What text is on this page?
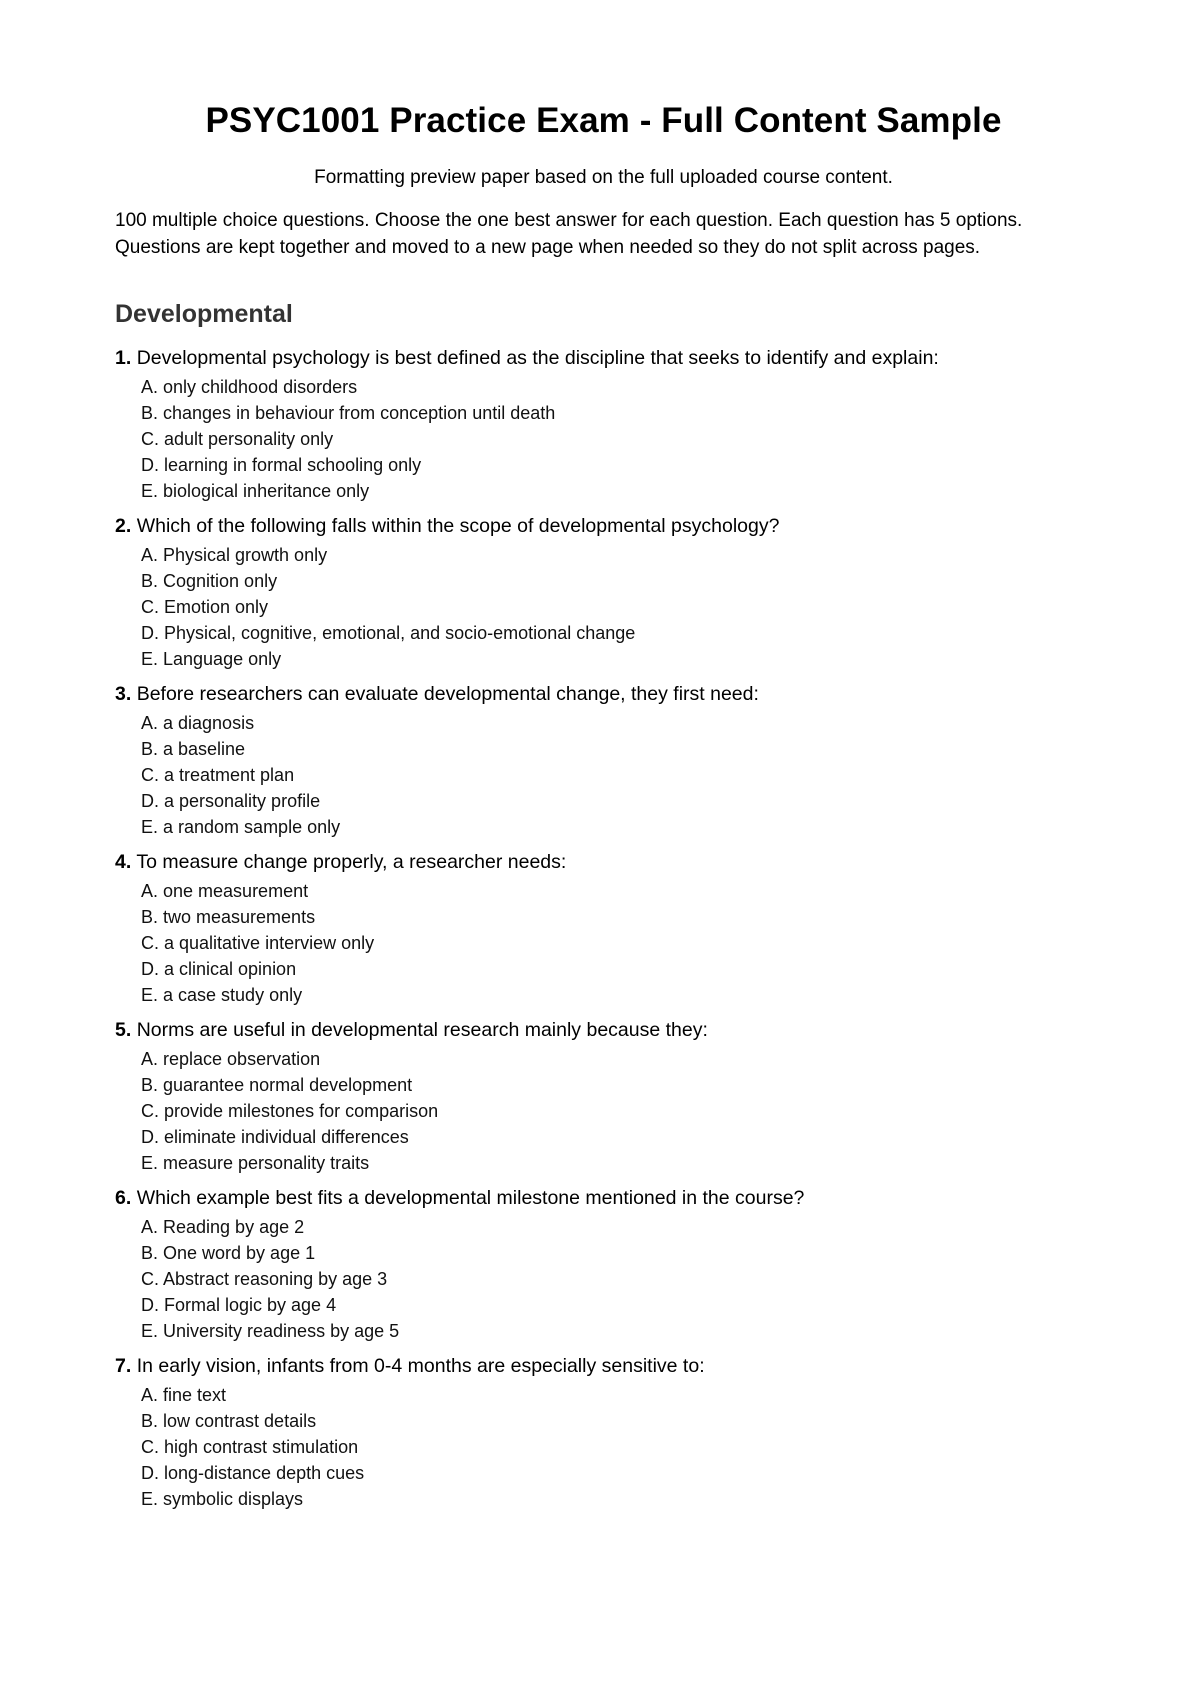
PSYC1001 Practice Exam - Full Content Sample

Formatting preview paper based on the full uploaded course content.

100 multiple choice questions. Choose the one best answer for each question. Each question has 5 options. Questions are kept together and moved to a new page when needed so they do not split across pages.

Developmental
1. Developmental psychology is best defined as the discipline that seeks to identify and explain:
A. only childhood disorders
B. changes in behaviour from conception until death
C. adult personality only
D. learning in formal schooling only
E. biological inheritance only
2. Which of the following falls within the scope of developmental psychology?
A. Physical growth only
B. Cognition only
C. Emotion only
D. Physical, cognitive, emotional, and socio-emotional change
E. Language only
3. Before researchers can evaluate developmental change, they first need:
A. a diagnosis
B. a baseline
C. a treatment plan
D. a personality profile
E. a random sample only
4. To measure change properly, a researcher needs:
A. one measurement
B. two measurements
C. a qualitative interview only
D. a clinical opinion
E. a case study only
5. Norms are useful in developmental research mainly because they:
A. replace observation
B. guarantee normal development
C. provide milestones for comparison
D. eliminate individual differences
E. measure personality traits
6. Which example best fits a developmental milestone mentioned in the course?
A. Reading by age 2
B. One word by age 1
C. Abstract reasoning by age 3
D. Formal logic by age 4
E. University readiness by age 5
7. In early vision, infants from 0-4 months are especially sensitive to:
A. fine text
B. low contrast details
C. high contrast stimulation
D. long-distance depth cues
E. symbolic displays
